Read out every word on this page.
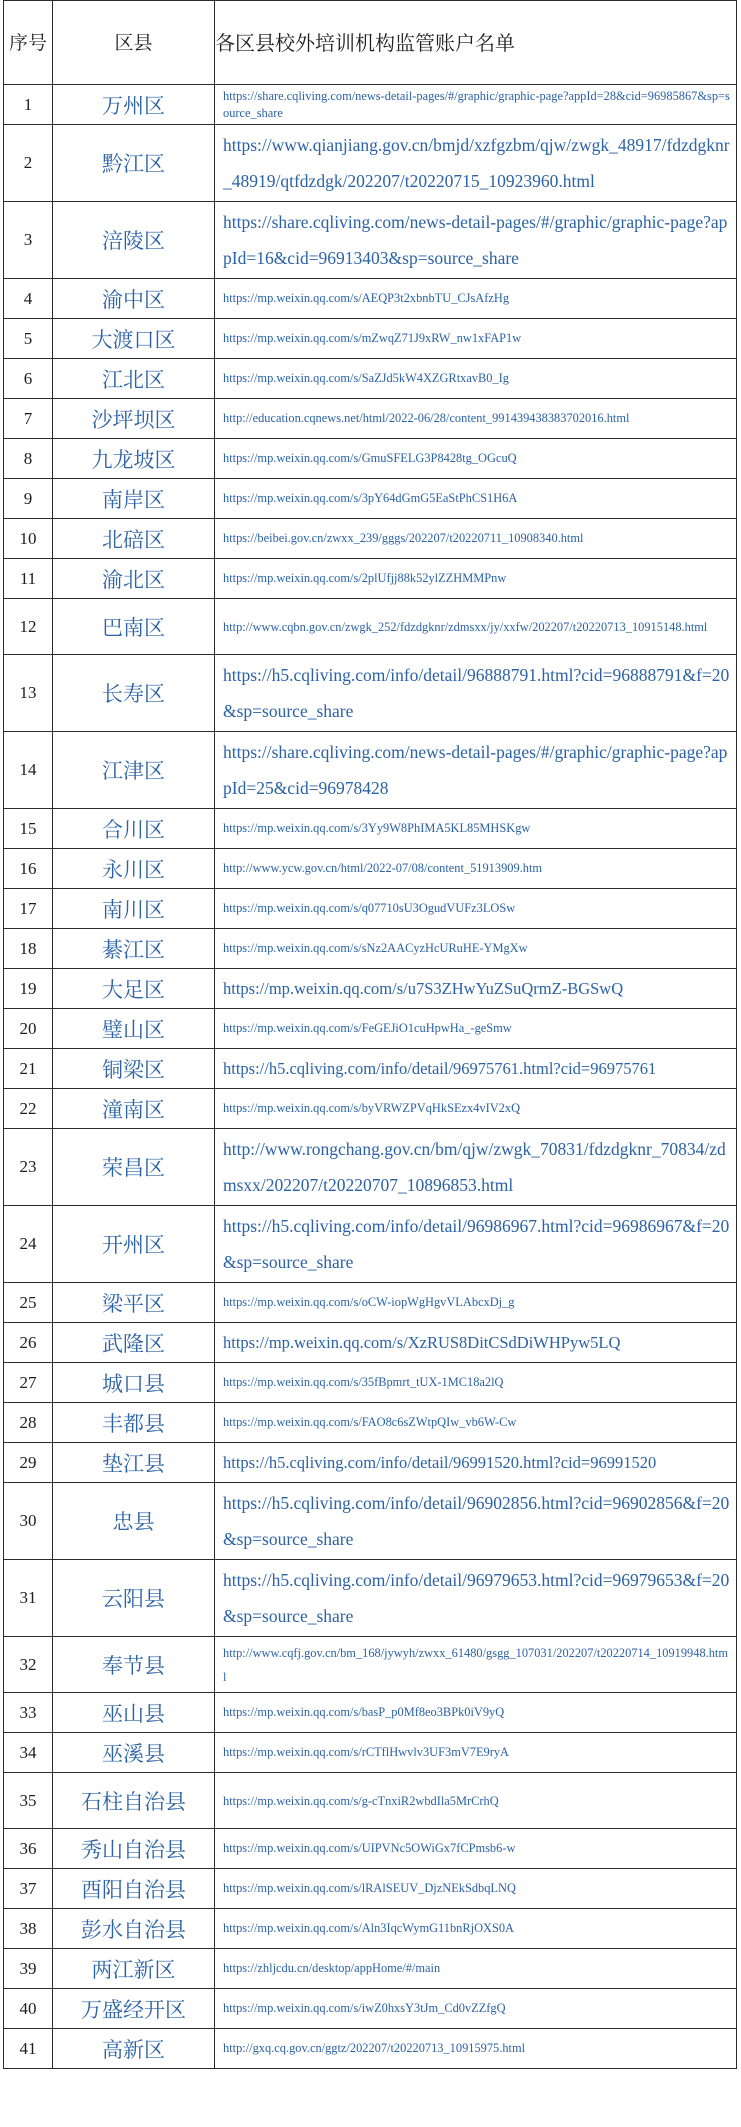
序号	区县	各区县校外培训机构监管账户名单
1	万州区	https://share.cqliving.com/news-detail-pages/#/graphic/graphic-page?appId=28&cid=96985867&sp=source_share

2	黔江区	https://www.qianjiang.gov.cn/bmjd/xzfgzbm/qjw/zwgk_48917/fdzdgknr_48919/qtfdzdgk/202207/t20220715_10923960.html

3	涪陵区	https://share.cqliving.com/news-detail-pages/#/graphic/graphic-page?appId=16&cid=96913403&sp=source_share

4	渝中区	https://mp.weixin.qq.com/s/AEQP3t2xbnbTU_CJsAfzHg

5	大渡口区	https://mp.weixin.qq.com/s/mZwqZ71J9xRW_nw1xFAP1w

6	江北区	https://mp.weixin.qq.com/s/SaZJd5kW4XZGRtxavB0_Ig

7	沙坪坝区	http://education.cqnews.net/html/2022-06/28/content_991439438383702016.html

8	九龙坡区	https://mp.weixin.qq.com/s/GmuSFELG3P8428tg_OGcuQ

9	南岸区	https://mp.weixin.qq.com/s/3pY64dGmG5EaStPhCS1H6A

10	北碚区	https://beibei.gov.cn/zwxx_239/gggs/202207/t20220711_10908340.html

11	渝北区	https://mp.weixin.qq.com/s/2plUfjj88k52ylZZHMMPnw

12	巴南区	http://www.cqbn.gov.cn/zwgk_252/fdzdgknr/zdmsxx/jy/xxfw/202207/t20220713_10915148.html

13	长寿区	https://h5.cqliving.com/info/detail/96888791.html?cid=96888791&f=20&sp=source_share

14	江津区	https://share.cqliving.com/news-detail-pages/#/graphic/graphic-page?appId=25&cid=96978428

15	合川区	https://mp.weixin.qq.com/s/3Yy9W8PhIMA5KL85MHSKgw

16	永川区	http://www.ycw.gov.cn/html/2022-07/08/content_51913909.htm

17	南川区	https://mp.weixin.qq.com/s/q07710sU3OgudVUFz3LOSw

18	綦江区	https://mp.weixin.qq.com/s/sNz2AACyzHcURuHE-YMgXw

19	大足区	https://mp.weixin.qq.com/s/u7S3ZHwYuZSuQrmZ-BGSwQ

20	璧山区	https://mp.weixin.qq.com/s/FeGEJiO1cuHpwHa_-geSmw

21	铜梁区	https://h5.cqliving.com/info/detail/96975761.html?cid=96975761

22	潼南区	https://mp.weixin.qq.com/s/byVRWZPVqHkSEzx4vIV2xQ

23	荣昌区	http://www.rongchang.gov.cn/bm/qjw/zwgk_70831/fdzdgknr_70834/zdmsxx/202207/t20220707_10896853.html

24	开州区	https://h5.cqliving.com/info/detail/96986967.html?cid=96986967&f=20&sp=source_share

25	梁平区	https://mp.weixin.qq.com/s/oCW-iopWgHgvVLAbcxDj_g

26	武隆区	https://mp.weixin.qq.com/s/XzRUS8DitCSdDiWHPyw5LQ

27	城口县	https://mp.weixin.qq.com/s/35fBpmrt_tUX-1MC18a2lQ

28	丰都县	https://mp.weixin.qq.com/s/FAO8c6sZWtpQIw_vb6W-Cw

29	垫江县	https://h5.cqliving.com/info/detail/96991520.html?cid=96991520

30	忠县	https://h5.cqliving.com/info/detail/96902856.html?cid=96902856&f=20&sp=source_share

31	云阳县	https://h5.cqliving.com/info/detail/96979653.html?cid=96979653&f=20&sp=source_share

32	奉节县	http://www.cqfj.gov.cn/bm_168/jywyh/zwxx_61480/gsgg_107031/202207/t20220714_10919948.html

33	巫山县	https://mp.weixin.qq.com/s/basP_p0Mf8eo3BPk0iV9yQ

34	巫溪县	https://mp.weixin.qq.com/s/rCTflHwvlv3UF3mV7E9ryA

35	石柱自治县	https://mp.weixin.qq.com/s/g-cTnxiR2wbdIla5MrCrhQ

36	秀山自治县	https://mp.weixin.qq.com/s/UIPVNc5OWiGx7fCPmsb6-w

37	酉阳自治县	https://mp.weixin.qq.com/s/lRAlSEUV_DjzNEkSdbqLNQ

38	彭水自治县	https://mp.weixin.qq.com/s/Aln3IqcWymG11bnRjOXS0A

39	两江新区	https://zhljcdu.cn/desktop/appHome/#/main

40	万盛经开区	https://mp.weixin.qq.com/s/iwZ0hxsY3tJm_Cd0vZZfgQ

41	高新区	http://gxq.cq.gov.cn/ggtz/202207/t20220713_10915975.html
